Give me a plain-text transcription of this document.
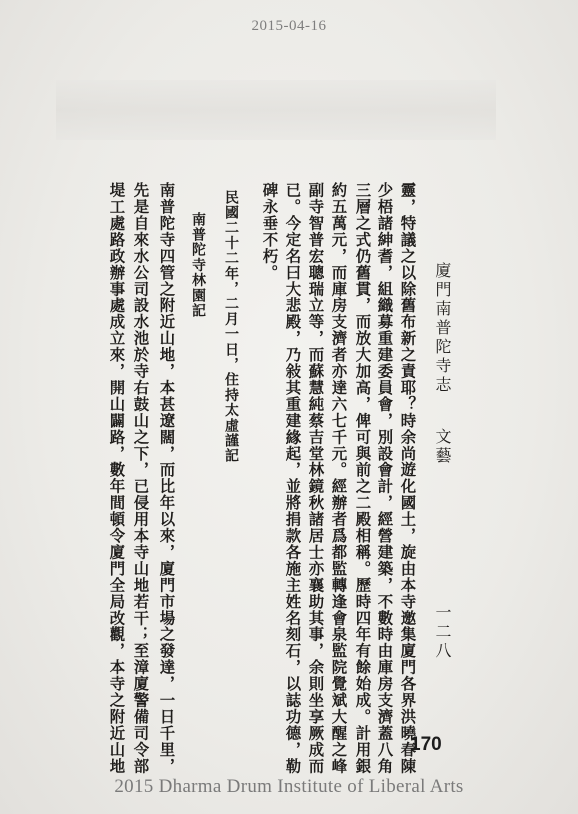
2015-04-16
廈門南普陀寺志
文藝
一二八
靈，特議之以除舊布新之責耶？時余尚遊化國土，旋由本寺邀集廈門各界洪曉春陳
少梧諸紳耆，組織募重建委員會，別設會計，經營建築，不數時由庫房支濟蓋八角
三層之式仍舊貫，而放大加高，俾可與前之二殿相稱。歷時四年有餘始成。計用銀
約五萬元，而庫房支濟者亦達六七千元。經辦者爲都監轉逢會泉監院覺斌大醒之峰
副寺智普宏聰瑞立等，而蘇慧純蔡吉堂林鏡秋諸居士亦襄助其事，余則坐享厥成而
已。今定名曰大悲殿，乃敍其重建緣起，並將捐款各施主姓名刻石，以誌功德，勒
碑永垂不朽。
民國二十二年，二月一日，住持太虛謹記
南普陀寺林園記
南普陀寺四管之附近山地，本甚遼闊，而比年以來，廈門市場之發達，一日千里，
先是自來水公司設水池於寺右鼓山之下，已侵用本寺山地若干；至漳廈警備司令部
堤工處路政辦事處成立來，開山闢路，數年間頓令廈門全局改觀，本寺之附近山地	170
2015 Dharma Drum Institute of Liberal Arts
